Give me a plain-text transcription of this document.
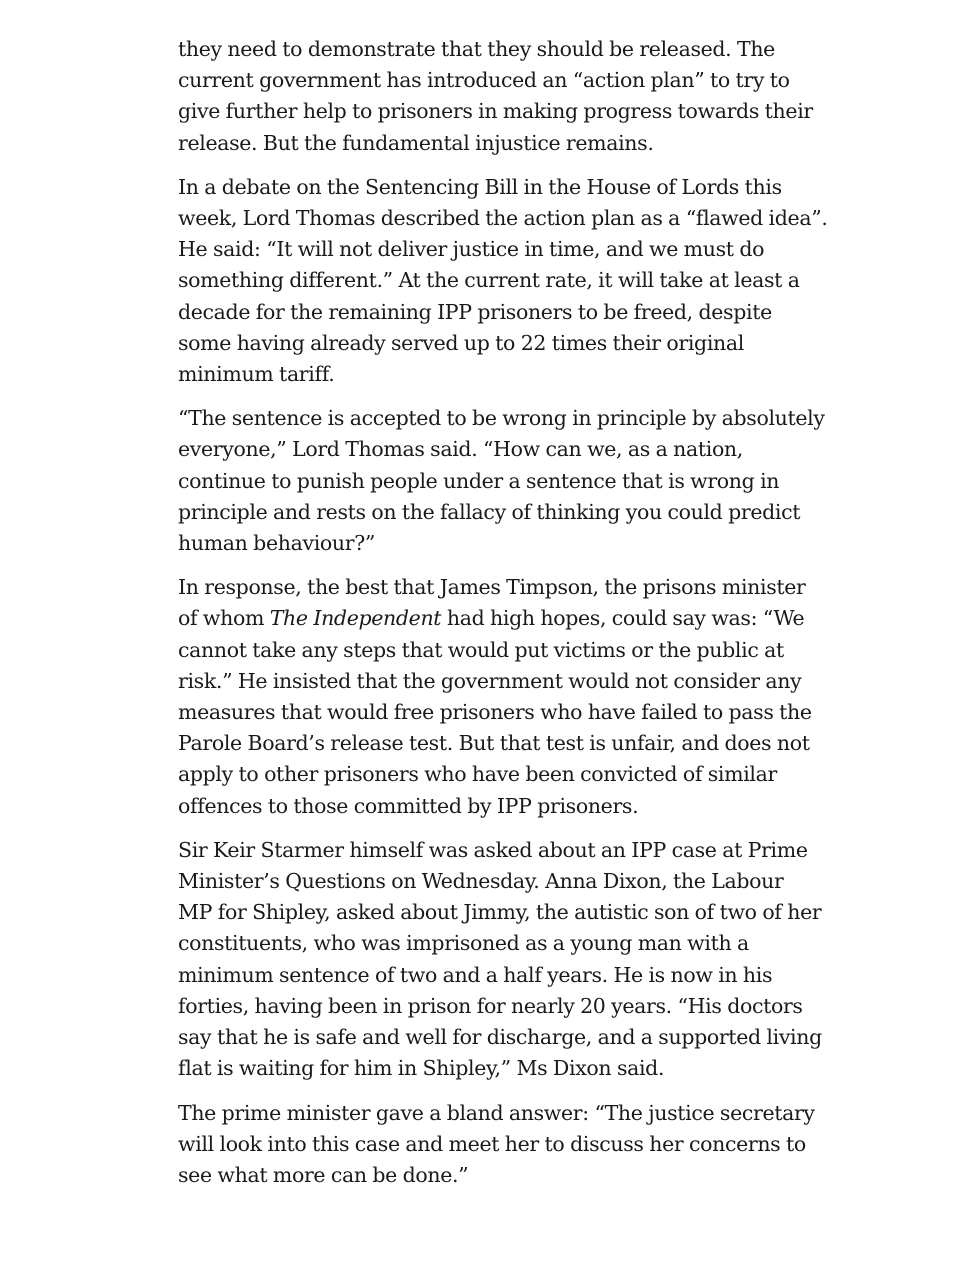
they need to demonstrate that they should be released. The
current government has introduced an “action plan” to try to
give further help to prisoners in making progress towards their
release. But the fundamental injustice remains.

In a debate on the Sentencing Bill in the House of Lords this
week, Lord Thomas described the action plan as a “flawed idea”.
He said: “It will not deliver justice in time, and we must do
something different.” At the current rate, it will take at least a
decade for the remaining IPP prisoners to be freed, despite
some having already served up to 22 times their original
minimum tariff.

“The sentence is accepted to be wrong in principle by absolutely
everyone,” Lord Thomas said. “How can we, as a nation,
continue to punish people under a sentence that is wrong in
principle and rests on the fallacy of thinking you could predict
human behaviour?”

In response, the best that James Timpson, the prisons minister
of whom The Independent had high hopes, could say was: “We
cannot take any steps that would put victims or the public at
risk.” He insisted that the government would not consider any
measures that would free prisoners who have failed to pass the
Parole Board’s release test. But that test is unfair, and does not
apply to other prisoners who have been convicted of similar
offences to those committed by IPP prisoners.

Sir Keir Starmer himself was asked about an IPP case at Prime
Minister’s Questions on Wednesday. Anna Dixon, the Labour
MP for Shipley, asked about Jimmy, the autistic son of two of her
constituents, who was imprisoned as a young man with a
minimum sentence of two and a half years. He is now in his
forties, having been in prison for nearly 20 years. “His doctors
say that he is safe and well for discharge, and a supported living
flat is waiting for him in Shipley,” Ms Dixon said.

The prime minister gave a bland answer: “The justice secretary
will look into this case and meet her to discuss her concerns to
see what more can be done.”
